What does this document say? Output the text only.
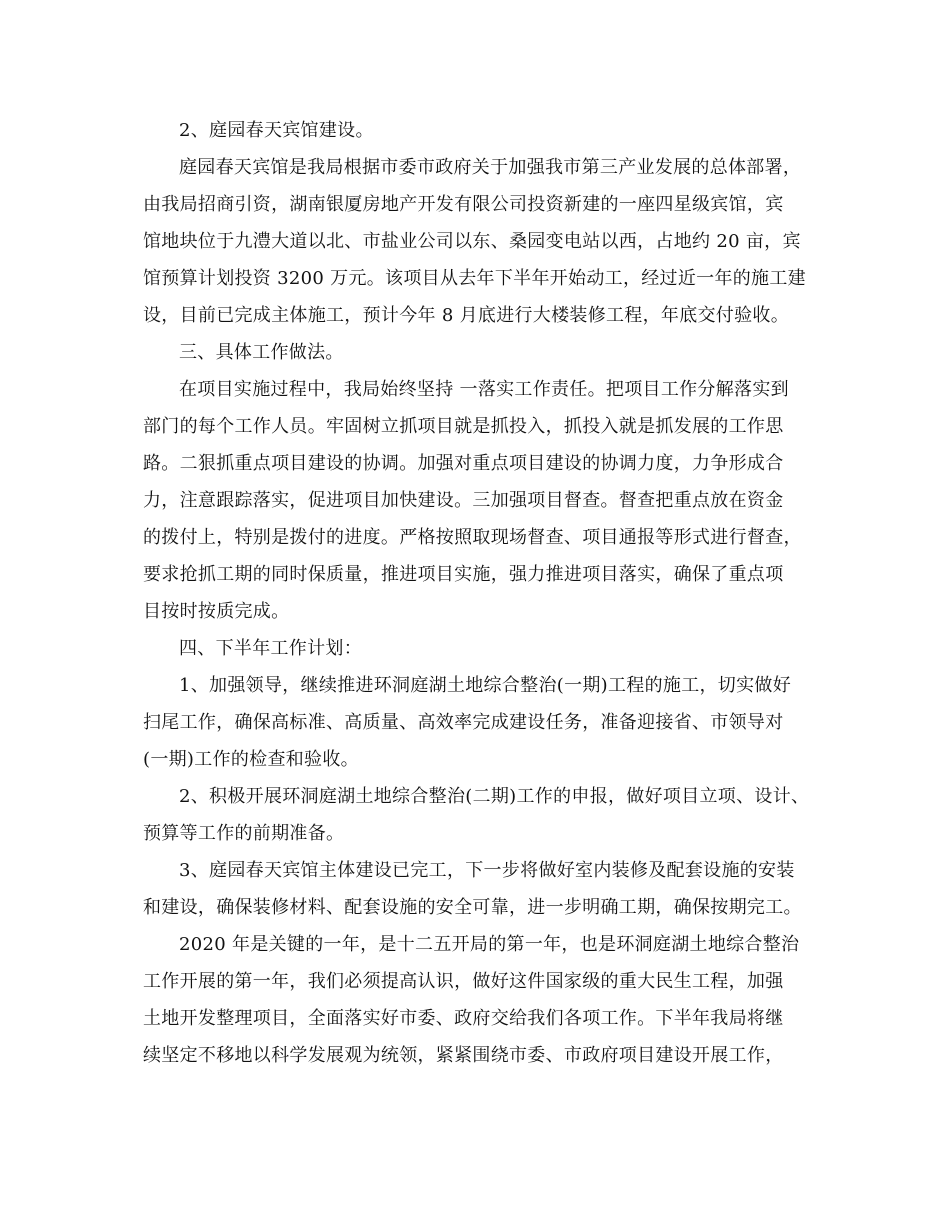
2、庭园春天宾馆建设。
庭园春天宾馆是我局根据市委市政府关于加强我市第三产业发展的总体部署，
由我局招商引资，湖南银厦房地产开发有限公司投资新建的一座四星级宾馆，宾
馆地块位于九澧大道以北、市盐业公司以东、桑园变电站以西，占地约 20 亩，宾
馆预算计划投资 3200 万元。该项目从去年下半年开始动工，经过近一年的施工建
设，目前已完成主体施工，预计今年 8 月底进行大楼装修工程，年底交付验收。
三、具体工作做法。
在项目实施过程中，我局始终坚持 一落实工作责任。把项目工作分解落实到
部门的每个工作人员。牢固树立抓项目就是抓投入，抓投入就是抓发展的工作思
路。二狠抓重点项目建设的协调。加强对重点项目建设的协调力度，力争形成合
力，注意跟踪落实，促进项目加快建设。三加强项目督查。督查把重点放在资金
的拨付上，特别是拨付的进度。严格按照取现场督查、项目通报等形式进行督查，
要求抢抓工期的同时保质量，推进项目实施，强力推进项目落实，确保了重点项
目按时按质完成。
四、下半年工作计划：
1、加强领导，继续推进环洞庭湖土地综合整治(一期)工程的施工，切实做好
扫尾工作，确保高标准、高质量、高效率完成建设任务，准备迎接省、市领导对
(一期)工作的检查和验收。
2、积极开展环洞庭湖土地综合整治(二期)工作的申报，做好项目立项、设计、
预算等工作的前期准备。
3、庭园春天宾馆主体建设已完工，下一步将做好室内装修及配套设施的安装
和建设，确保装修材料、配套设施的安全可靠，进一步明确工期，确保按期完工。
2020 年是关键的一年，是十二五开局的第一年，也是环洞庭湖土地综合整治
工作开展的第一年，我们必须提高认识，做好这件国家级的重大民生工程，加强
土地开发整理项目，全面落实好市委、政府交给我们各项工作。下半年我局将继
续坚定不移地以科学发展观为统领，紧紧围绕市委、市政府项目建设开展工作，
